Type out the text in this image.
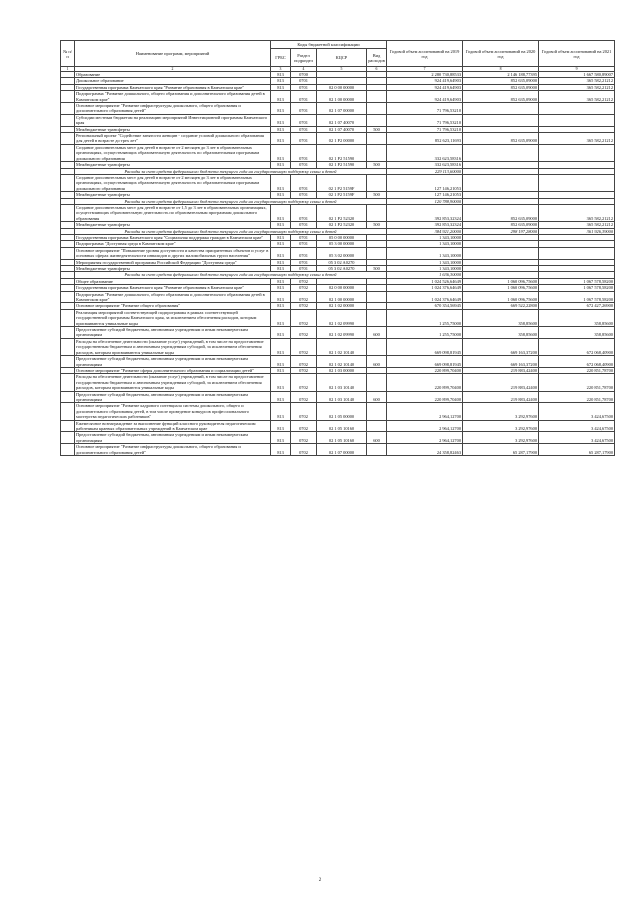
№ п/п	Наименование программ, мероприятий	Коды бюджетной классификации				Годовой объем ассигнований на 2019 год	Годовой объем ассигнований на 2020 год	Годовой объем ассигнований на 2021 год
		ГРБС	Раздел подраздел	КЦСР	Вид расходов			
1	2	3	4	5	6	7	8	9
	Образование	813	0700			2 280 730,88533	2 146 188,77395	1 667 580,89007
	Дошкольное образование	813	0701			924 419,64903	852 635,09000	365 582,21212
	Государственная программа Камчатского края "Развитие образования в Камчатском крае"	813	0701	02 0 00 00000		924 419,64903	852 635,09000	365 582,21212
	Подпрограмма "Развитие дошкольного, общего образования и дополнительного образования детей в Камчатском крае"	813	0701	02 1 00 00000		924 419,64903	852 635,09000	365 582,21212
	Основное мероприятие "Развитие инфраструктуры дошкольного, общего образования и дополнительного образования детей"	813	0701	02 1 07 00000		71 796,53210		
	Субсидии местным бюджетам на реализацию мероприятий Инвестиционной программы Камчатского края	813	0701	02 1 07 40070		71 796,53210		
	Межбюджетные трансферты	813	0701	02 1 07 40070	500	71 796,53210		
	Региональный проект "Содействие занятости женщин - создание условий дошкольного образования для детей в возрасте до трех лет"	813	0701	02 1 P2 00000		852 623,11693	852 635,09000	365 582,21212
	Создание дополнительных мест для детей в возрасте от 2 месяцев до 3 лет в образовательных организациях, осуществляющих образовательную деятельность по образовательным программам дошкольного образования	813	0701	02 1 P2 51590		332 623,58316		
	Межбюджетные трансферты	813	0701	02 1 P2 51590	500	332 623,58316		
	Расходы за счет средств федерального бюджета текущего года на государственную поддержку семьи и детей					229 113,60000		
	Создание дополнительных мест для детей в возрасте от 2 месяцев до 3 лет в образовательных организациях, осуществляющих образовательную деятельность по образовательным программам дошкольного образования	813	0701	02 1 P2 5159F		127 146,21053		
	Межбюджетные трансферты	813	0701	02 1 P2 5159F	500	127 146,21053		
	Расходы за счет средств федерального бюджета текущего года на государственную поддержку семьи и детей					120 788,90000		
	Создание дополнительных мест для детей в возрасте от 1,5 до 3 лет в образовательных организациях, осуществляющих образовательную деятельность по образовательным программам дошкольного образования	813	0701	02 1 P2 52320		392 853,32324	852 635,09000	365 582,21212
	Межбюджетные трансферты	813	0701	02 1 P2 52320	500	392 853,32324	852 635,09000	365 582,21212
	Расходы за счет средств федерального бюджета текущего года на государственную поддержку семьи и детей					384 921,20000	298 197,28000	361 926,39000
	Государственная программа Камчатского края "Социальная поддержка граждан в Камчатском крае"	813	0701	05 0 00 00000		1 343,10000		
	Подпрограмма "Доступная среда в Камчатском крае"	813	0701	05 3 00 00000		1 343,10000		
	Основное мероприятие "Повышение уровня доступности и качества приоритетных объектов и услуг в основных сферах жизнедеятельности инвалидов и других маломобильных групп населения"	813	0701	05 3 02 00000		1 343,10000		
	Мероприятия государственной программы Российской Федерации "Доступная среда"	813	0701	05 3 02 A0270		1 343,10000		
	Межбюджетные трансферты	813	0701	05 3 02 A0270	500	1 343,10000		
	Расходы за счет средств федерального бюджета текущего года на государственную поддержку семьи и детей					1 636,30000		
	Общее образование	813	0702			1 024 526,64649	1 060 096,75600	1 067 578,58200
	Государственная программа Камчатского края "Развитие образования в Камчатском крае"	813	0702	02 0 00 00000		1 024 376,64649	1 060 096,75600	1 067 578,58200
	Подпрограмма "Развитие дошкольного, общего образования и дополнительного образования детей в Камчатском крае"	813	0702	02 1 00 00000		1 024 376,64649	1 060 096,75600	1 067 578,58200
	Основное мероприятие "Развитие общего образования"	813	0702	02 1 02 00000		670 354,56945	669 522,22800	672 427,26900
	Реализация мероприятий соответствующей подпрограммы в рамках соответствующей государственной программы Камчатского края, за исключением обеспечения расходов, которым присваиваются уникальные коды	813	0702	02 1 02 09990		1 255,75000	358,85600	358,85600
	Предоставление субсидий бюджетным, автономным учреждениям и иным некоммерческим организациям	813	0702	02 1 02 09990	600	1 255,75000	358,85600	358,85600
	Расходы на обеспечение деятельности (оказание услуг) учреждений, в том числе на предоставление государственным бюджетным и автономным учреждениям субсидий, за исключением обеспечения расходов, которым присваиваются уникальные коды	813	0702	02 1 02 10140		669 098,81945	669 163,37200	672 068,40900
	Предоставление субсидий бюджетным, автономным учреждениям и иным некоммерческим организациям	813	0702	02 1 02 10140	600	669 098,81945	669 163,37200	672 068,40900
	Основное мероприятие "Развитие сферы дополнительного образования и социализации детей"	813	0702	02 1 03 00000		220 899,70400	219 883,42400	220 851,78700
	Расходы на обеспечение деятельности (оказание услуг) учреждений, в том числе на предоставление государственным бюджетным и автономным учреждениям субсидий, за исключением обеспечения расходов, которым присваиваются уникальные коды	813	0702	02 1 03 10140		220 899,70400	219 883,42400	220 851,78700
	Предоставление субсидий бюджетным, автономным учреждениям и иным некоммерческим организациям	813	0702	02 1 03 10140	600	220 899,70400	219 883,42400	220 851,78700
	Основное мероприятие "Развитие кадрового потенциала системы дошкольного, общего и дополнительного образования детей, в том числе проведение конкурсов профессионального мастерства педагогических работников"	813	0702	02 1 05 00000		2 964,12700	3 292,97600	3 424,67500
	Ежемесячное вознаграждение за выполнение функций классного руководителя педагогическим работникам краевых образовательных учреждений в Камчатском крае	813	0702	02 1 05 10160		2 964,12700	3 292,97600	3 424,67500
	Предоставление субсидий бюджетным, автономным учреждениям и иным некоммерческим организациям	813	0702	02 1 05 10160	600	2 964,12700	3 292,97600	3 424,67500
	Основное мероприятие "Развитие инфраструктуры дошкольного, общего образования и дополнительного образования детей"	813	0702	02 1 07 00000		24 358,82463	65 287,17900	65 287,17900
2
